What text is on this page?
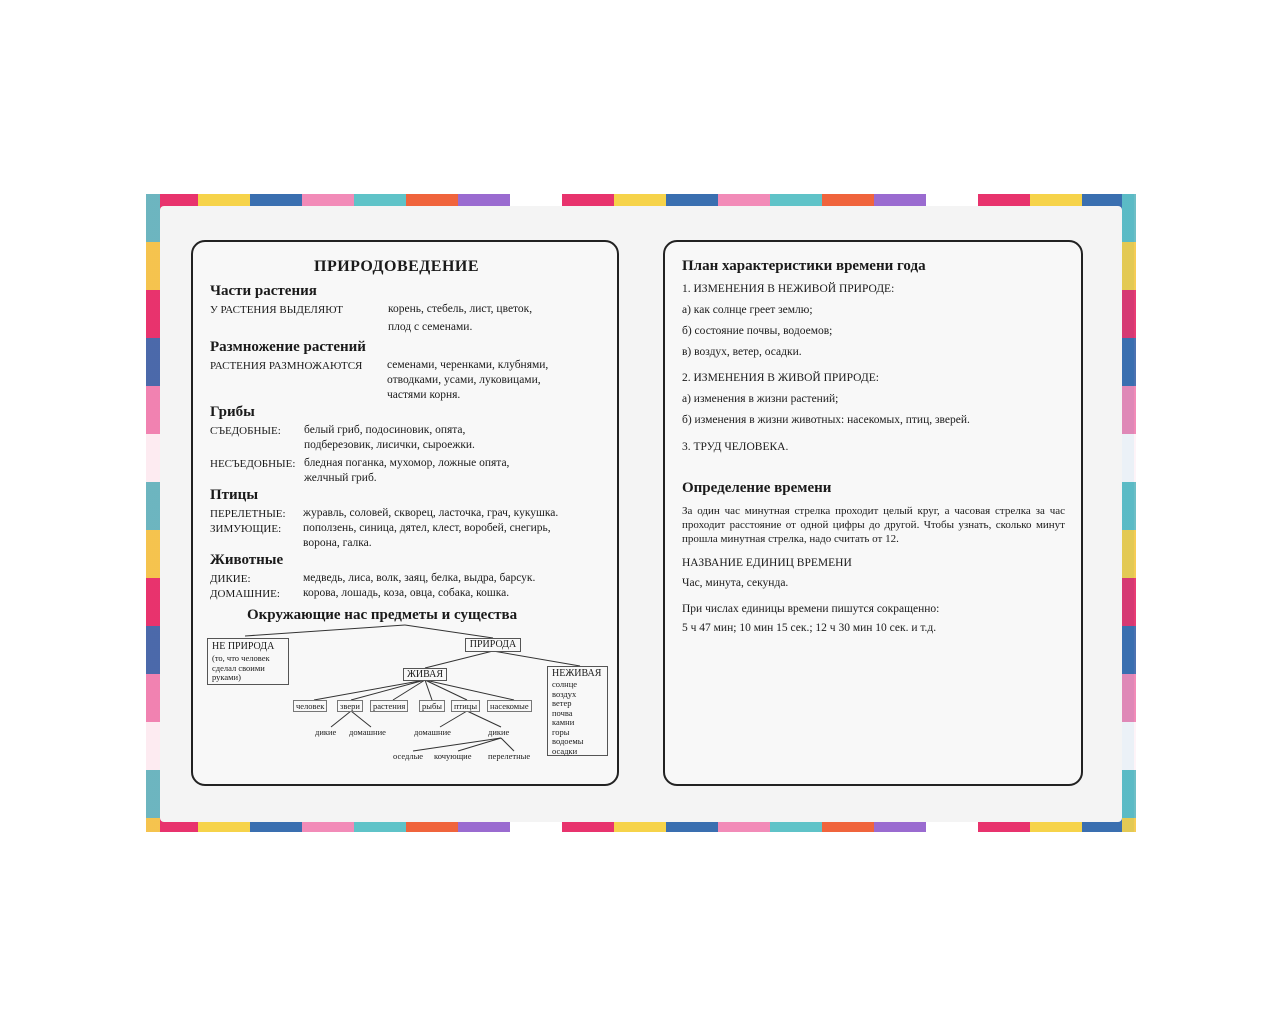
ПРИРОДОВЕДЕНИЕ
Части растения
У РАСТЕНИЯ ВЫДЕЛЯЮТ	корень, стебель, лист, цветок,
плод с семенами.
Размножение растений
РАСТЕНИЯ РАЗМНОЖАЮТСЯ семенами, черенками, клубнями,
отводками, усами, луковицами,
частями корня.
Грибы
СЪЕДОБНЫЕ: белый гриб, подосиновик, опята,
подберезовик, лисички, сыроежки.
НЕСЪЕДОБНЫЕ: бледная поганка, мухомор, ложные опята,
желчный гриб.
Птицы
ПЕРЕЛЕТНЫЕ: журавль, соловей, скворец, ласточка, грач, кукушка.
ЗИМУЮЩИЕ: поползень, синица, дятел, клест, воробей, снегирь,
ворона, галка.
Животные
ДИКИЕ:	медведь, лиса, волк, заяц, белка, выдра, барсук.
ДОМАШНИЕ: корова, лошадь, коза, овца, собака, кошка.
Окружающие нас предметы и существа
НЕ ПРИРОДА
(то, что человек сделал своими руками)
ПРИРОДА
ЖИВАЯ	НЕЖИВАЯ
солнце
воздух
ветер
почва
камни
горы
водоемы
осадки
человек	звери	растения	рыбы	птицы	насекомые
дикие домашние	домашние	дикие
оседлые кочующие перелетные
План характеристики времени года
1. ИЗМЕНЕНИЯ В НЕЖИВОЙ ПРИРОДЕ:
а) как солнце греет землю;
б) состояние почвы, водоемов;
в) воздух, ветер, осадки.
2. ИЗМЕНЕНИЯ В ЖИВОЙ ПРИРОДЕ:
а) изменения в жизни растений;
б) изменения в жизни животных: насекомых, птиц, зверей.
3. ТРУД ЧЕЛОВЕКА.
Определение времени
За один час минутная стрелка проходит целый круг, а часовая стрелка за час проходит расстояние от одной цифры до другой. Чтобы узнать, сколько минут прошла минутная стрелка, надо считать от 12.
НАЗВАНИЕ ЕДИНИЦ ВРЕМЕНИ
Час, минута, секунда.
При числах единицы времени пишутся сокращенно:
5 ч 47 мин; 10 мин 15 сек.; 12 ч 30 мин 10 сек. и т.д.
